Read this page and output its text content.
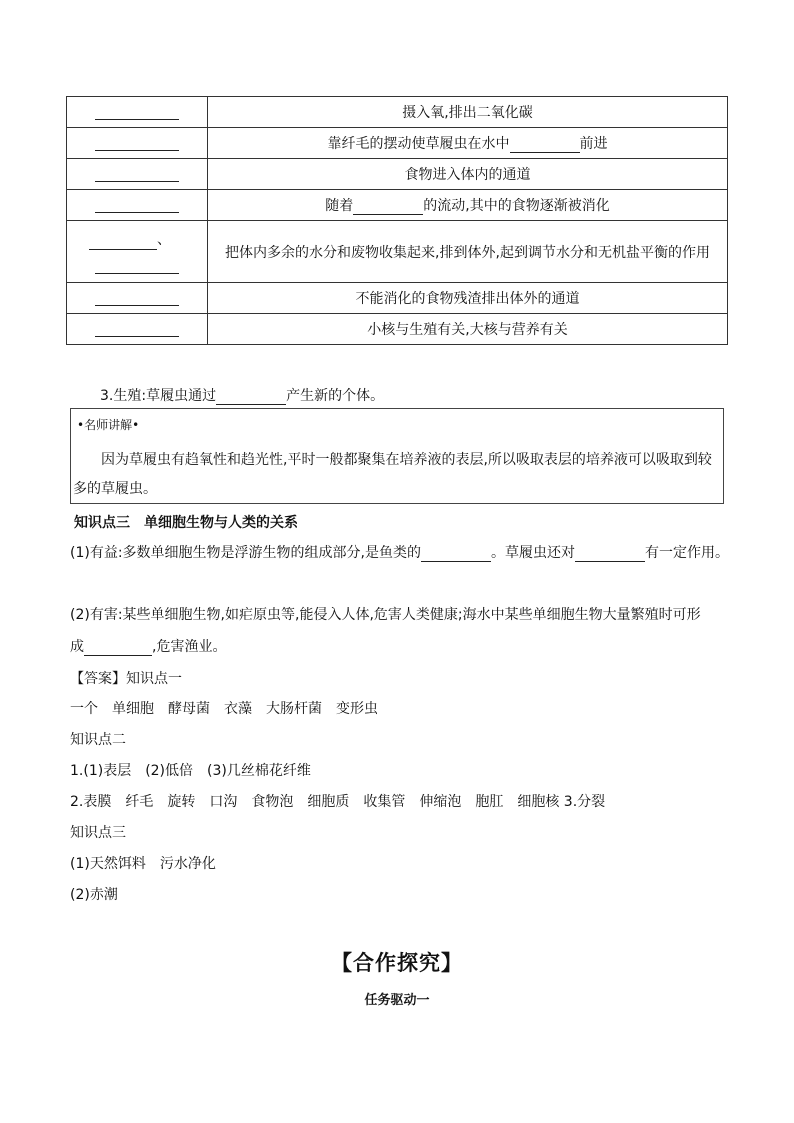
	摄入氧,排出二氧化碳
	靠纤毛的摆动使草履虫在水中 前进
	食物进入体内的通道
	随着 的流动,其中的食物逐渐被消化

、	把体内多余的水分和废物收集起来,排到体外,起到调节水分和无机盐平衡的作用
	不能消化的食物残渣排出体外的通道
	小核与生殖有关,大核与营养有关
3.生殖:草履虫通过	产生新的个体。
•名师讲解•
因为草履虫有趋氧性和趋光性,平时一般都聚集在培养液的表层,所以吸取表层的培养液可以吸取到较
多的草履虫。
知识点三　单细胞生物与人类的关系
(1)有益:多数单细胞生物是浮游生物的组成部分,是鱼类的	。草履虫还对	有一定作用。
(2)有害:某些单细胞生物,如疟原虫等,能侵入人体,危害人类健康;海水中某些单细胞生物大量繁殖时可形
成	,危害渔业。
【答案】知识点一
一个　单细胞　酵母菌　衣藻　大肠杆菌　变形虫
知识点二
1.(1)表层　(2)低倍　(3)几丝棉花纤维
2.表膜　纤毛　旋转　口沟　食物泡　细胞质　收集管　伸缩泡　胞肛　细胞核 3.分裂
知识点三
(1)天然饵料　污水净化
(2)赤潮
【合作探究】
任务驱动一
